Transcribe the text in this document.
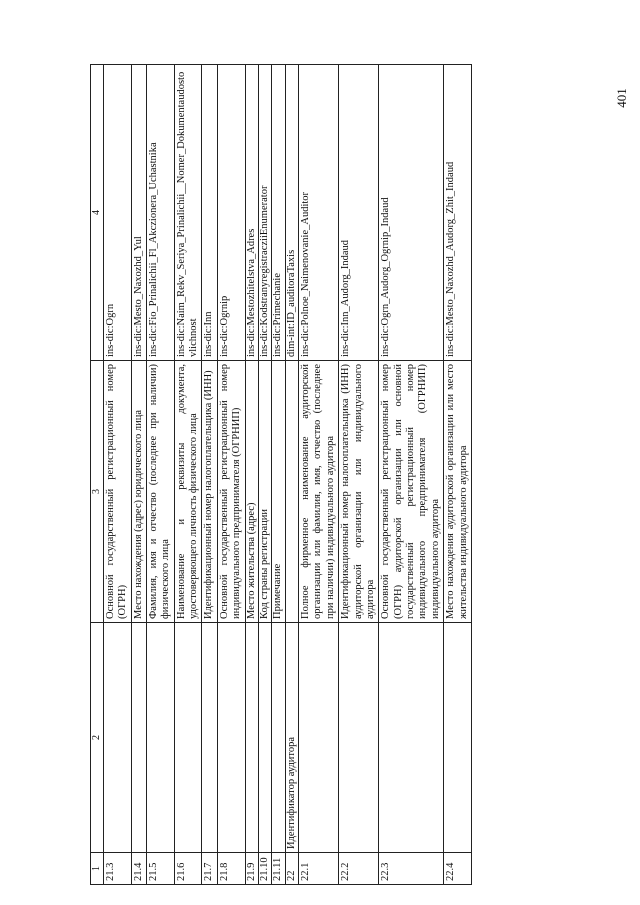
401
1	2	3	4
21.3		Основной государственный регистрационный номер (ОГРН)	ins-dic:Ogrn
21.4		Место нахождения (адрес) юридического лица	ins-dic:Mesto_Naxozhd_Yul
21.5		Фамилия, имя и отчество (последнее при наличии) физического лица	ins-dic:Fio_Prinalichii_Fl_Akczionera_Uchastnika
21.6		Наименование и реквизиты документа, удостоверяющего личность физического лица	ins-dic:Naim_Rekv_Seriya_Prinalichii__Nomer_Dokumentaudostovlichnost
21.7		Идентификационный номер налогоплательщика (ИНН)	ins-dic:Inn
21.8		Основной государственный регистрационный номер индивидуального предпринимателя (ОГРНИП)	ins-dic:Ogrnip
21.9		Место жительства (адрес)	ins-dic:Mestozhitelstva_Adres
21.10		Код страны регистрации	ins-dic:KodstranyregistracziiEnumerator
21.11		Примечание	ins-dic:Primechanie
22	Идентификатор аудитора		dim-int:ID_auditoraTaxis
22.1		Полное фирменное наименование аудиторской организации или фамилия, имя, отчество (последнее при наличии) индивидуального аудитора	ins-dic:Polnoe_Naimenovanie_Auditor
22.2		Идентификационный номер налогоплательщика (ИНН) аудиторской организации или индивидуального аудитора	ins-dic:Inn_Audorg_Indaud
22.3		Основной государственный регистрационный номер (ОГРН) аудиторской организации или основной государственный регистрационный номер индивидуального предпринимателя (ОГРНИП) индивидуального аудитора	ins-dic:Ogrn_Audorg_Ogrnip_Indaud
22.4		Место нахождения аудиторской организации или место жительства индивидуального аудитора	ins-dic:Mesto_Naxozhd_Audorg_Zhit_Indaud
